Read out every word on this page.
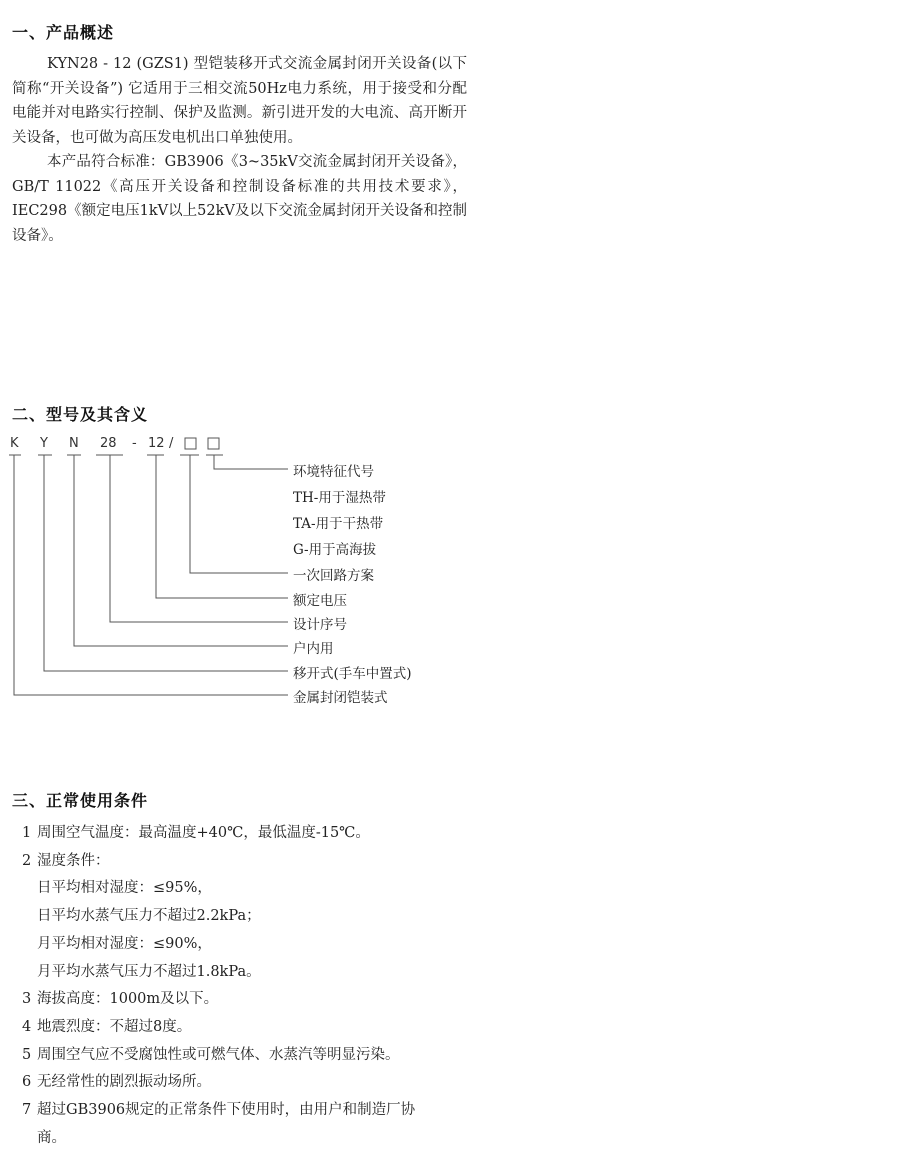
一、产品概述

KYN28 - 12 (GZS1) 型铠装移开式交流金属封闭开关设备(以下简称“开关设备”) 它适用于三相交流50Hz电力系统，用于接受和分配电能并对电路实行控制、保护及监测。新引进开发的大电流、高开断开关设备，也可做为高压发电机出口单独使用。

本产品符合标准：GB3906《3~35kV交流金属封闭开关设备》，GB/T 11022《高压开关设备和控制设备标准的共用技术要求》，IEC298《额定电压1kV以上52kV及以下交流金属封闭开关设备和控制设备》。

二、型号及其含义
K Y N 28 - 12 /
环境特征代号
TH-用于湿热带
TA-用于干热带
G-用于高海拔
一次回路方案
额定电压
设计序号
户内用
移开式(手车中置式)
金属封闭铠装式
三、正常使用条件

1 周围空气温度：最高温度+40℃，最低温度-15℃。

2 湿度条件：

日平均相对湿度：≤95%，

日平均水蒸气压力不超过2.2kPa；

月平均相对湿度：≤90%，

月平均水蒸气压力不超过1.8kPa。

3 海拔高度：1000m及以下。

4 地震烈度：不超过8度。

5 周围空气应不受腐蚀性或可燃气体、水蒸汽等明显污染。

6 无经常性的剧烈振动场所。

7 超过GB3906规定的正常条件下使用时，由用户和制造厂协

商。
